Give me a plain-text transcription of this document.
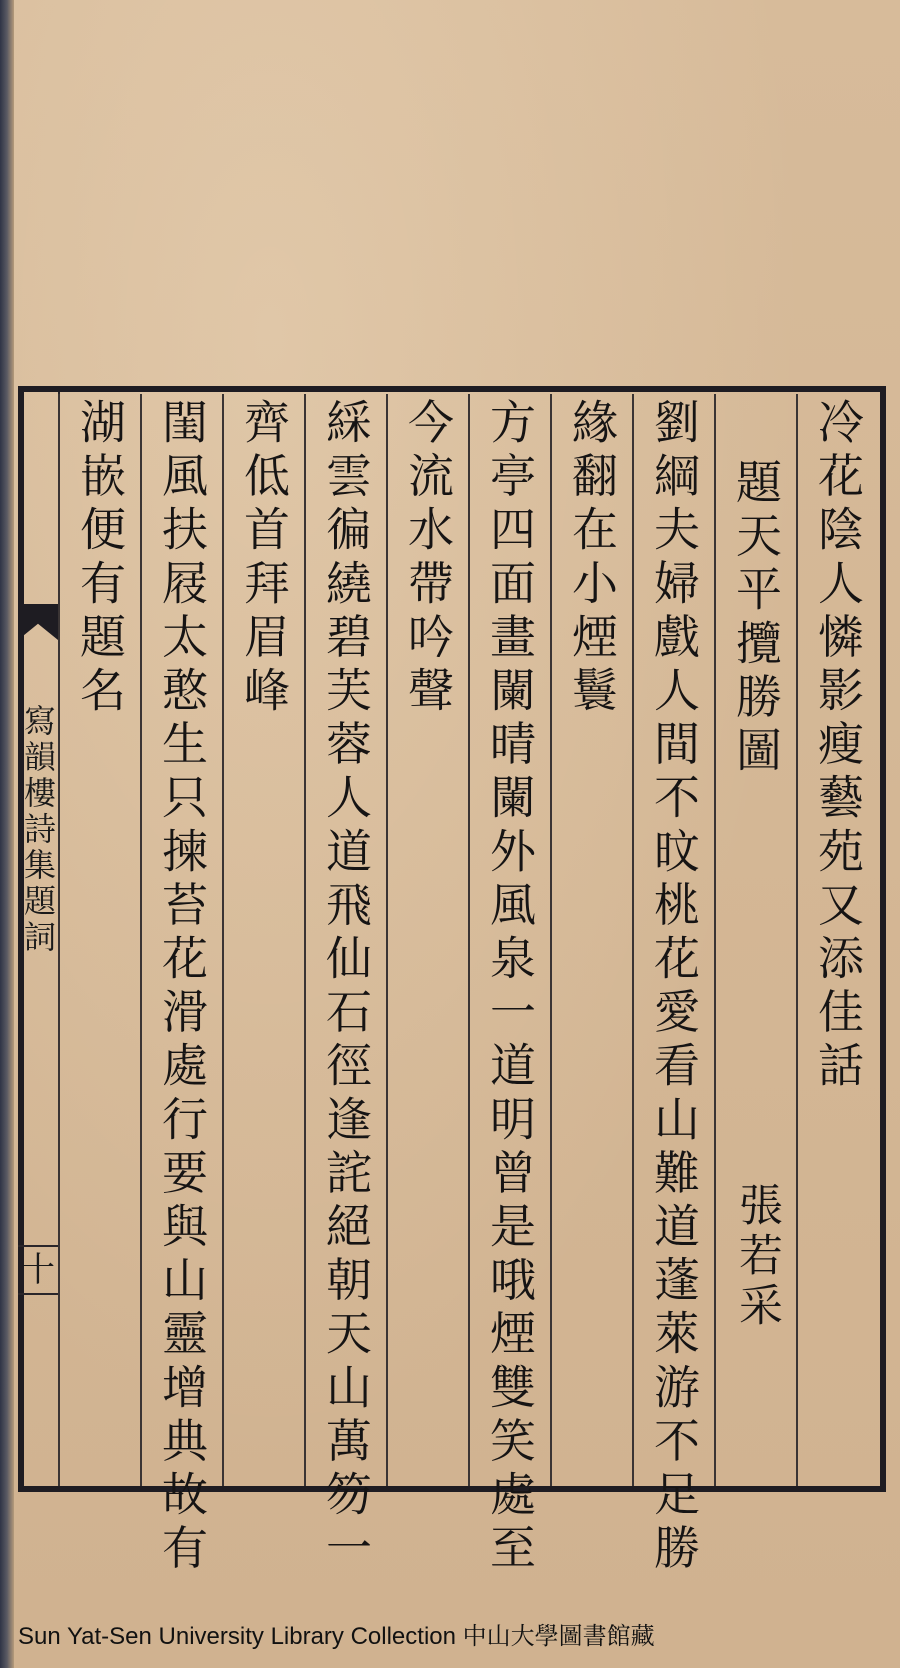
寫韻樓詩集題詞
十
冷花陰人憐影瘦藝苑又添佳話
題天平攬勝圖
張若采
劉綱夫婦戲人間不旼桃花愛看山難道蓬萊游不足勝
緣翻在小煙鬟
方亭四面畫闌晴闌外風泉一道明曾是哦煙雙笑處至
今流水帶吟聲
綵雲徧繞碧芙蓉人道飛仙石徑逢詫絕朝天山萬笏一
齊低首拜眉峰
閨風扶屐太憨生只揀苔花滑處行要與山靈增典故有
湖嵌便有題名
Sun Yat-Sen University Library Collection 中山大學圖書館藏
